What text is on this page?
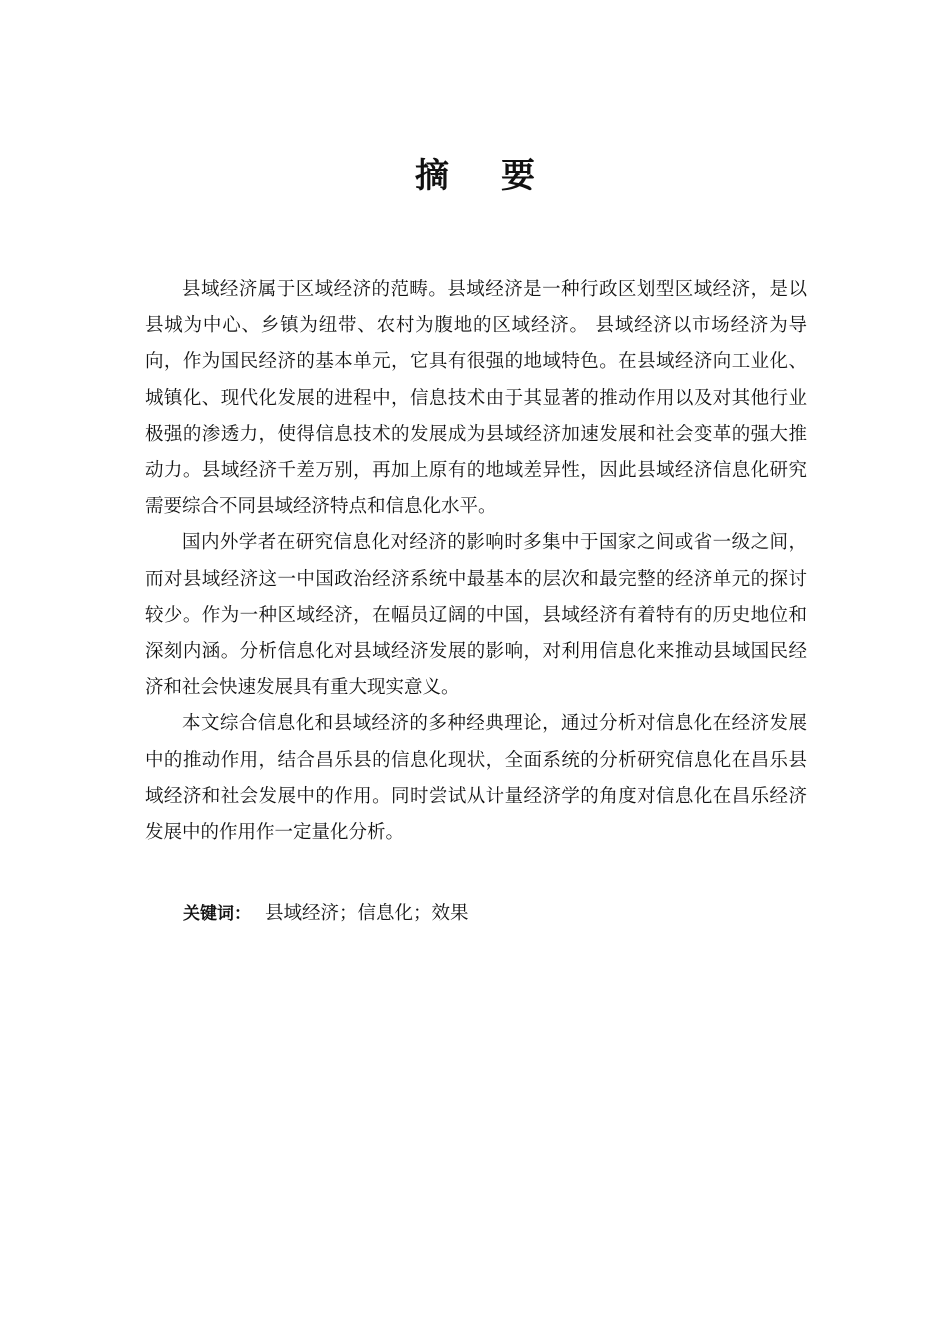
摘要

县域经济属于区域经济的范畴。县域经济是一种行政区划型区域经济，是以县城为中心、乡镇为纽带、农村为腹地的区域经济。 县域经济以市场经济为导向，作为国民经济的基本单元，它具有很强的地域特色。在县域经济向工业化、城镇化、现代化发展的进程中，信息技术由于其显著的推动作用以及对其他行业极强的渗透力，使得信息技术的发展成为县域经济加速发展和社会变革的强大推动力。县域经济千差万别，再加上原有的地域差异性，因此县域经济信息化研究需要综合不同县域经济特点和信息化水平。

国内外学者在研究信息化对经济的影响时多集中于国家之间或省一级之间，而对县域经济这一中国政治经济系统中最基本的层次和最完整的经济单元的探讨较少。作为一种区域经济，在幅员辽阔的中国，县域经济有着特有的历史地位和深刻内涵。分析信息化对县域经济发展的影响，对利用信息化来推动县域国民经济和社会快速发展具有重大现实意义。

本文综合信息化和县域经济的多种经典理论，通过分析对信息化在经济发展中的推动作用，结合昌乐县的信息化现状，全面系统的分析研究信息化在昌乐县域经济和社会发展中的作用。同时尝试从计量经济学的角度对信息化在昌乐经济发展中的作用作一定量化分析。

关键词： 县域经济；信息化；效果
